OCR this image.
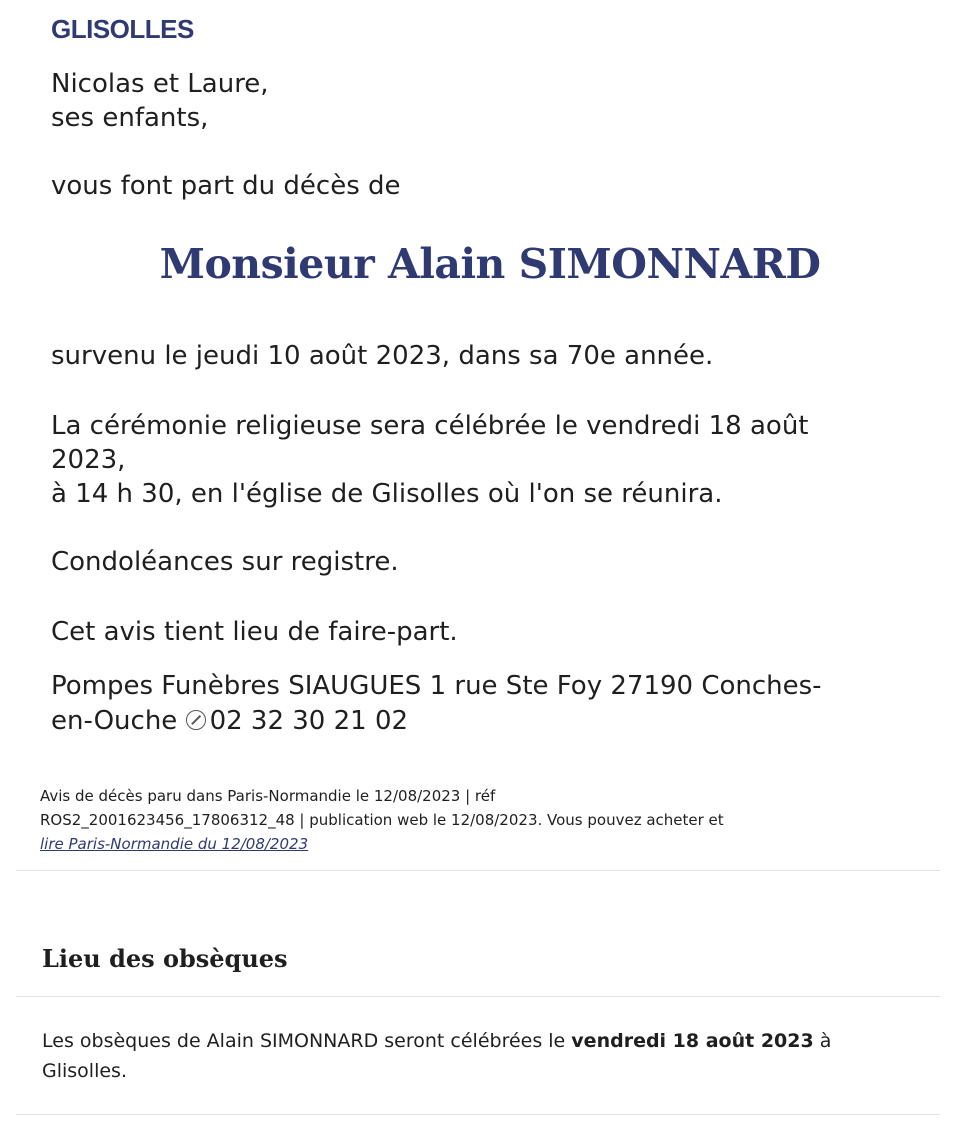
GLISOLLES
Nicolas et Laure,
ses enfants,
vous font part du décès de
Monsieur Alain SIMONNARD
survenu le jeudi 10 août 2023, dans sa 70e année.
La cérémonie religieuse sera célébrée le vendredi 18 août
2023,
à 14 h 30, en l'église de Glisolles où l'on se réunira.
Condoléances sur registre.
Cet avis tient lieu de faire-part.
Pompes Funèbres SIAUGUES 1 rue Ste Foy 27190 Conches-
en-Ouche 02 32 30 21 02
Avis de décès paru dans Paris-Normandie le 12/08/2023 | réf
ROS2_2001623456_17806312_48 | publication web le 12/08/2023. Vous pouvez acheter et
lire Paris-Normandie du 12/08/2023
Lieu des obsèques
Les obsèques de Alain SIMONNARD seront célébrées le vendredi 18 août 2023 à Glisolles.
